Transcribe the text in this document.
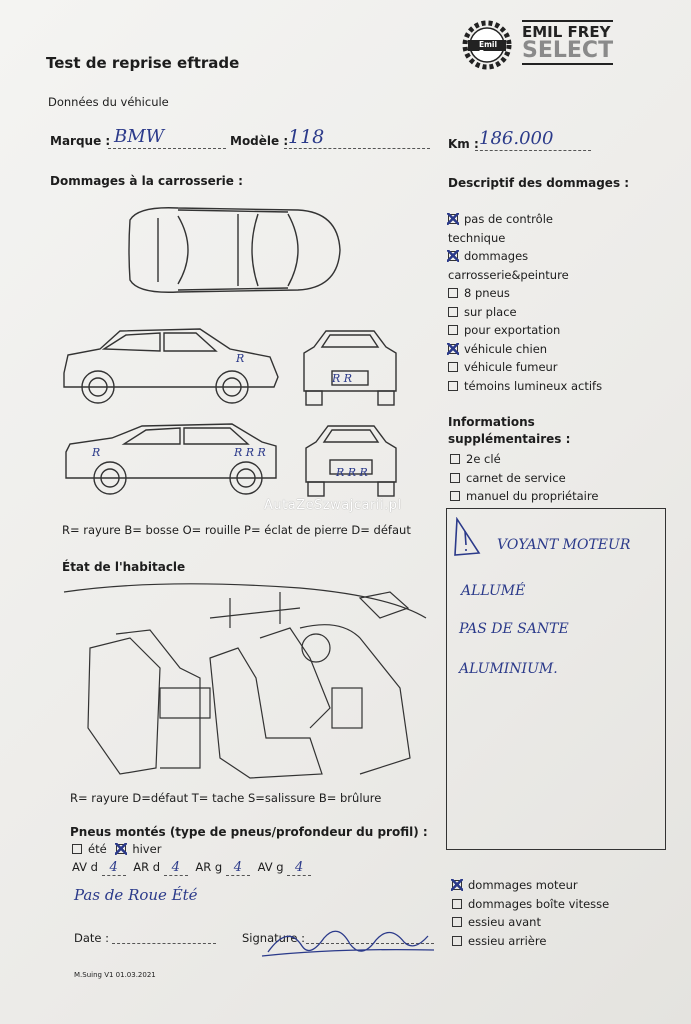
Test de reprise eftrade
Emil Frey
EMIL FREY
SELECT
Données du véhicule
Marque : BMW	Modèle : 118	Km : 186.000
Dommages à la carrosserie :
R
R R
R	R R R
R R R
AutaZeSzwajcarii.pl
R= rayure B= bosse O= rouille P= éclat de pierre D= défaut
Descriptif des dommages :
pas de contrôle
technique
dommages
carrosserie&peinture
8 pneus
sur place
pour exportation
véhicule chien
véhicule fumeur
témoins lumineux actifs
Informations
supplémentaires :
2e clé
carnet de service
manuel du propriétaire
VOYANT MOTEUR
ALLUMÉ
PAS DE SANTE
ALUMINIUM.
État de l'habitacle
R= rayure D=défaut T= tache S=salissure B= brûlure
Pneus montés (type de pneus/profondeur du profil) :
été hiver
AV d 4 AR d 4 AR g 4 AV g 4
Pas de Roue Été
dommages moteur
dommages boîte vitesse
essieu avant
essieu arrière
Date :	Signature :
M.Suing V1 01.03.2021
